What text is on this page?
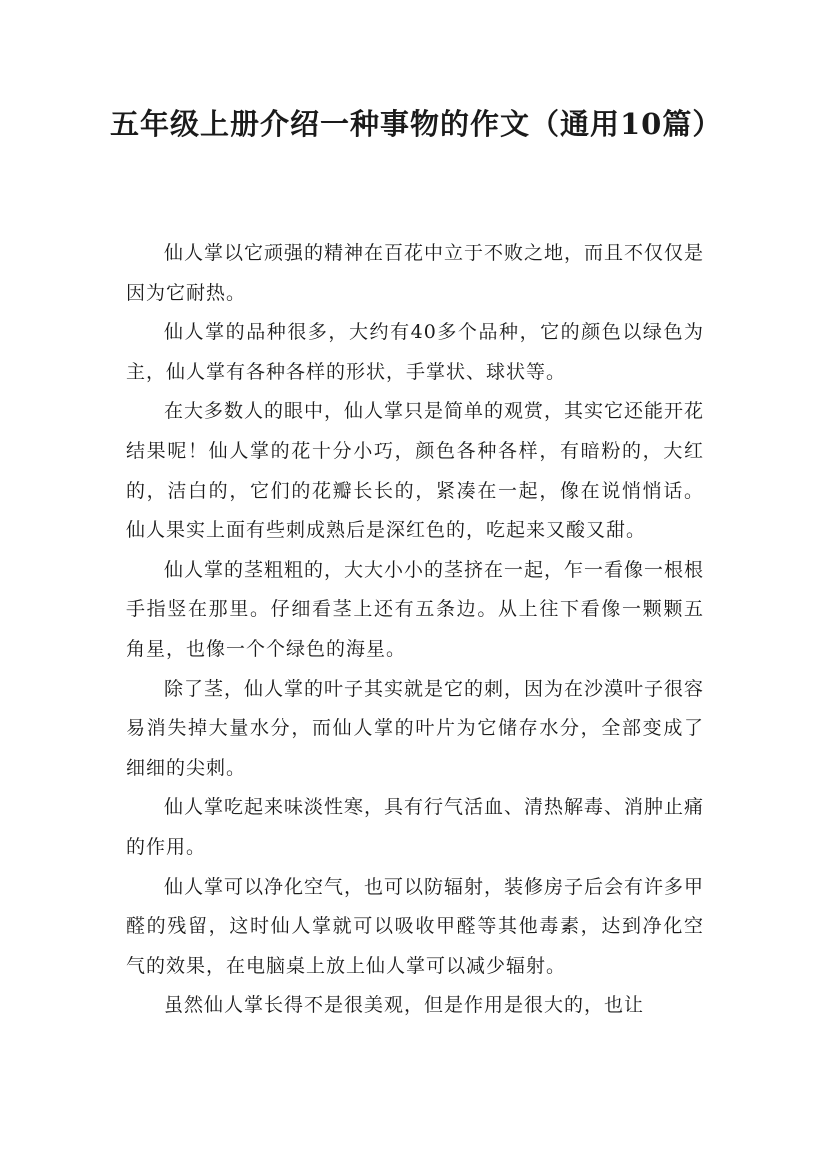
五年级上册介绍一种事物的作文（通用10篇）

仙人掌以它顽强的精神在百花中立于不败之地，而且不仅仅是因为它耐热。

仙人掌的品种很多，大约有40多个品种，它的颜色以绿色为主，仙人掌有各种各样的形状，手掌状、球状等。

在大多数人的眼中，仙人掌只是简单的观赏，其实它还能开花结果呢！仙人掌的花十分小巧，颜色各种各样，有暗粉的，大红的，洁白的，它们的花瓣长长的，紧凑在一起，像在说悄悄话。仙人果实上面有些刺成熟后是深红色的，吃起来又酸又甜。

仙人掌的茎粗粗的，大大小小的茎挤在一起，乍一看像一根根手指竖在那里。仔细看茎上还有五条边。从上往下看像一颗颗五角星，也像一个个绿色的海星。

除了茎，仙人掌的叶子其实就是它的刺，因为在沙漠叶子很容易消失掉大量水分，而仙人掌的叶片为它储存水分，全部变成了细细的尖刺。

仙人掌吃起来味淡性寒，具有行气活血、清热解毒、消肿止痛的作用。

仙人掌可以净化空气，也可以防辐射，装修房子后会有许多甲醛的残留，这时仙人掌就可以吸收甲醛等其他毒素，达到净化空气的效果，在电脑桌上放上仙人掌可以减少辐射。

虽然仙人掌长得不是很美观，但是作用是很大的，也让
